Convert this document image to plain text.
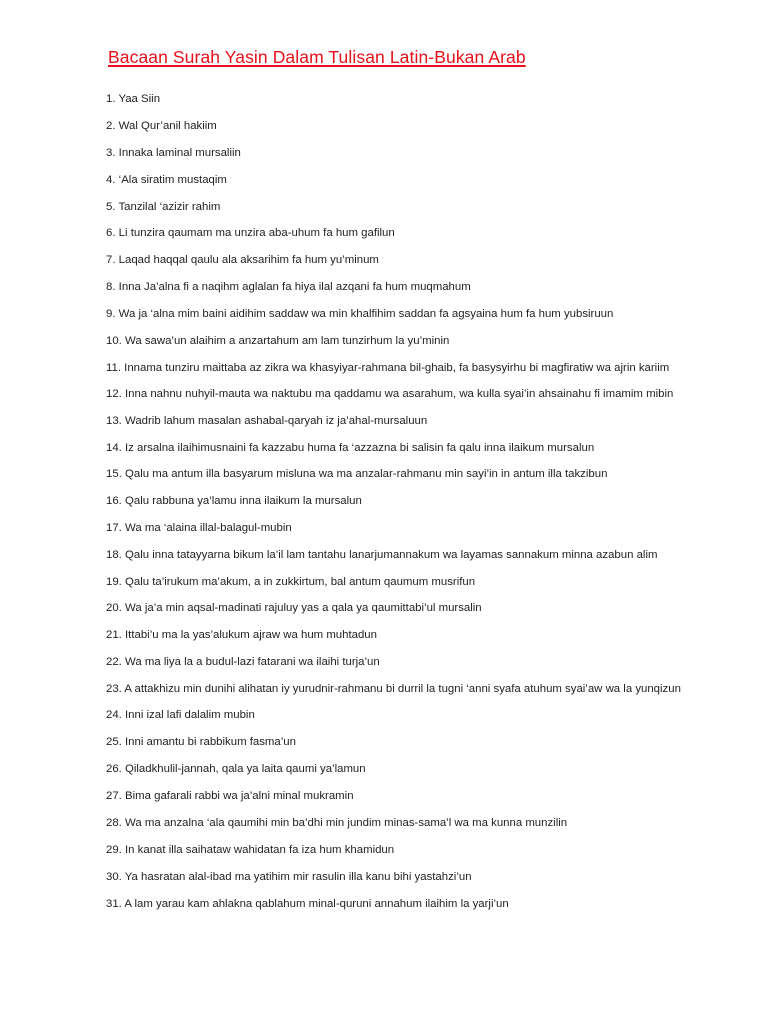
Bacaan Surah Yasin Dalam Tulisan Latin-Bukan Arab
1. Yaa Siin
2. Wal Qur’anil hakiim
3. Innaka laminal mursaliin
4. ‘Ala siratim mustaqim
5. Tanzilal ‘azizir rahim
6. Li tunzira qaumam ma unzira aba-uhum fa hum gafilun
7. Laqad haqqal qaulu ala aksarihim fa hum yu’minum
8. Inna Ja’alna fi a naqihm aglalan fa hiya ilal azqani fa hum muqmahum
9. Wa ja ‘alna mim baini aidihim saddaw wa min khalfihim saddan fa agsyaina hum fa hum yubsiruun
10. Wa sawa’un alaihim a anzartahum am lam tunzirhum la yu’minin
11. Innama tunziru maittaba az zikra wa khasyiyar-rahmana bil-ghaib, fa basysyirhu bi magfiratiw wa ajrin kariim
12. Inna nahnu nuhyil-mauta wa naktubu ma qaddamu wa asarahum, wa kulla syai’in ahsainahu fi imamim mibin
13. Wadrib lahum masalan ashabal-qaryah iz ja’ahal-mursaluun
14. Iz arsalna ilaihimusnaini fa kazzabu huma fa ‘azzazna bi salisin fa qalu inna ilaikum mursalun
15. Qalu ma antum illa basyarum misluna wa ma anzalar-rahmanu min sayi’in in antum illa takzibun
16. Qalu rabbuna ya’lamu inna ilaikum la mursalun
17. Wa ma ‘alaina illal-balagul-mubin
18. Qalu inna tatayyarna bikum la’il lam tantahu lanarjumannakum wa layamas sannakum minna azabun alim
19. Qalu ta’irukum ma’akum, a in zukkirtum, bal antum qaumum musrifun
20. Wa ja’a min aqsal-madinati rajuluy yas a qala ya qaumittabi’ul mursalin
21. Ittabi’u ma la yas’alukum ajraw wa hum muhtadun
22. Wa ma liya la a budul-lazi fatarani wa ilaihi turja’un
23. A attakhizu min dunihi alihatan iy yurudnir-rahmanu bi durril la tugni ‘anni syafa atuhum syai’aw wa la yunqizun
24. Inni izal lafi dalalim mubin
25. Inni amantu bi rabbikum fasma’un
26. Qiladkhulil-jannah, qala ya laita qaumi ya’lamun
27. Bima gafarali rabbi wa ja’alni minal mukramin
28. Wa ma anzalna ‘ala qaumihi min ba’dhi min jundim minas-sama’l wa ma kunna munzilin
29. In kanat illa saihataw wahidatan fa iza hum khamidun
30. Ya hasratan alal-ibad ma yatihim mir rasulin illa kanu bihi yastahzi’un
31. A lam yarau kam ahlakna qablahum minal-quruni annahum ilaihim la yarji’un
